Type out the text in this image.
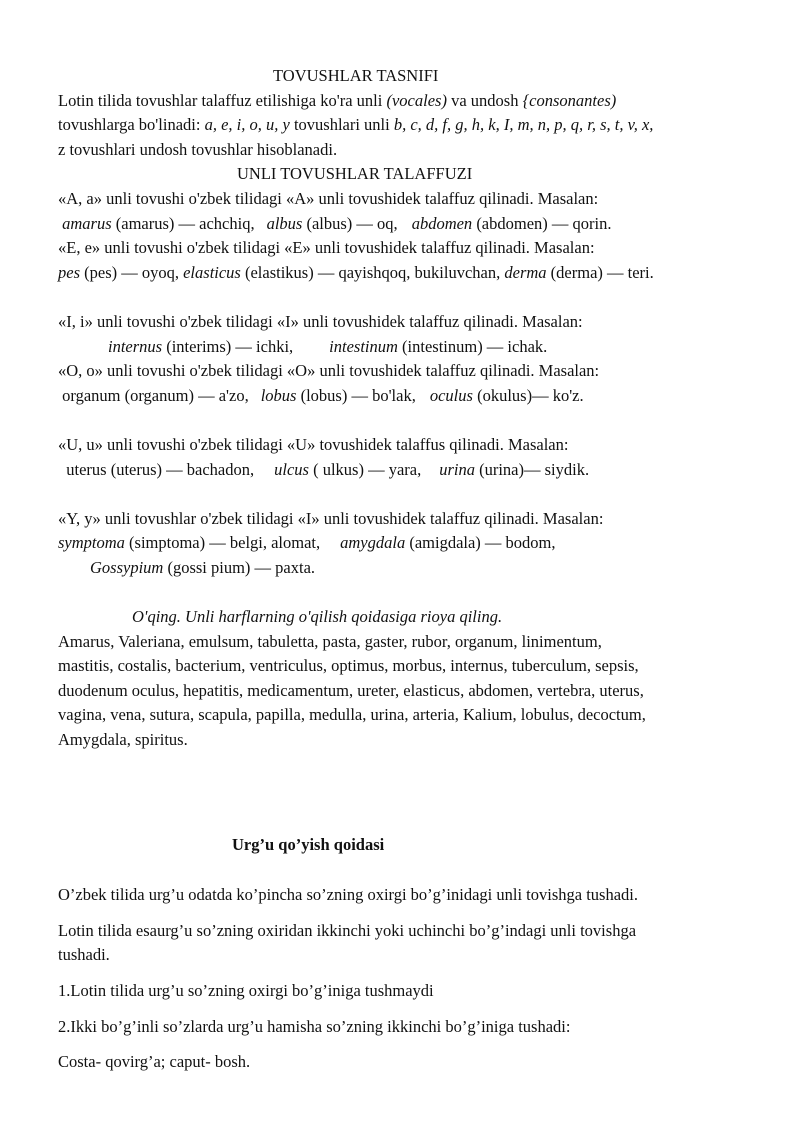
TOVUSHLAR TASNIFI
Lotin tilida tovushlar talaffuz etilishiga ko'ra unli (vocales) va undosh {consonantes)
tovushlarga bo'linadi: a, e, i, o, u, y tovushlari unli b, c, d, f, g, h, k, I, m, n, p, q, r, s, t, v, x,
z tovushlari undosh tovushlar hisoblanadi.
UNLI TOVUSHLAR TALAFFUZI
«A, a» unli tovushi o'zbek tilidagi «A» unli tovushidek talaffuz qilinadi. Masalan:
amarus (amarus) — achchiq, albus (albus) — oq, abdomen (abdomen) — qorin.
«E, e» unli tovushi o'zbek tilidagi «E» unli tovushidek talaffuz qilinadi. Masalan:
pes (pes) — oyoq, elasticus (elastikus) — qayishqoq, bukiluvchan, derma (derma) — teri.
«I, i» unli tovushi o'zbek tilidagi «I» unli tovushidek talaffuz qilinadi. Masalan:
internus (interims) — ichki, intestinum (intestinum) — ichak.
«O, o» unli tovushi o'zbek tilidagi «O» unli tovushidek talaffuz qilinadi. Masalan:
organum (organum) — a'zo, lobus (lobus) — bo'lak, oculus (okulus)— ko'z.
«U, u» unli tovushi o'zbek tilidagi «U» tovushidek talaffus qilinadi. Masalan:
uterus (uterus) — bachadon, ulcus ( ulkus) — yara, urina (urina)— siydik.
«Y, y» unli tovushlar o'zbek tilidagi «I» unli tovushidek talaffuz qilinadi. Masalan:
symptoma (simptoma) — belgi, alomat, amygdala (amigdala) — bodom,
Gossypium (gossi pium) — paxta.
O'qing. Unli harflarning o'qilish qoidasiga rioya qiling.
Amarus, Valeriana, emulsum, tabuletta, pasta, gaster, rubor, organum, linimentum,
mastitis, costalis, bacterium, ventriculus, optimus, morbus, internus, tuberculum, sepsis,
duodenum oculus, hepatitis, medicamentum, ureter, elasticus, abdomen, vertebra, uterus,
vagina, vena, sutura, scapula, papilla, medulla, urina, arteria, Kalium, lobulus, decoctum,
Amygdala, spiritus.
Urg’u qo’yish qoidasi
O’zbek tilida urg’u odatda ko’pincha so’zning oxirgi bo’g’inidagi unli tovishga tushadi.
Lotin tilida esaurg’u so’zning oxiridan ikkinchi yoki uchinchi bo’g’indagi unli tovishga
tushadi.
1.Lotin tilida urg’u so’zning oxirgi bo’g’iniga tushmaydi
2.Ikki bo’g’inli so’zlarda urg’u hamisha so’zning ikkinchi bo’g’iniga tushadi:
Costa- qovirg’a; caput- bosh.
